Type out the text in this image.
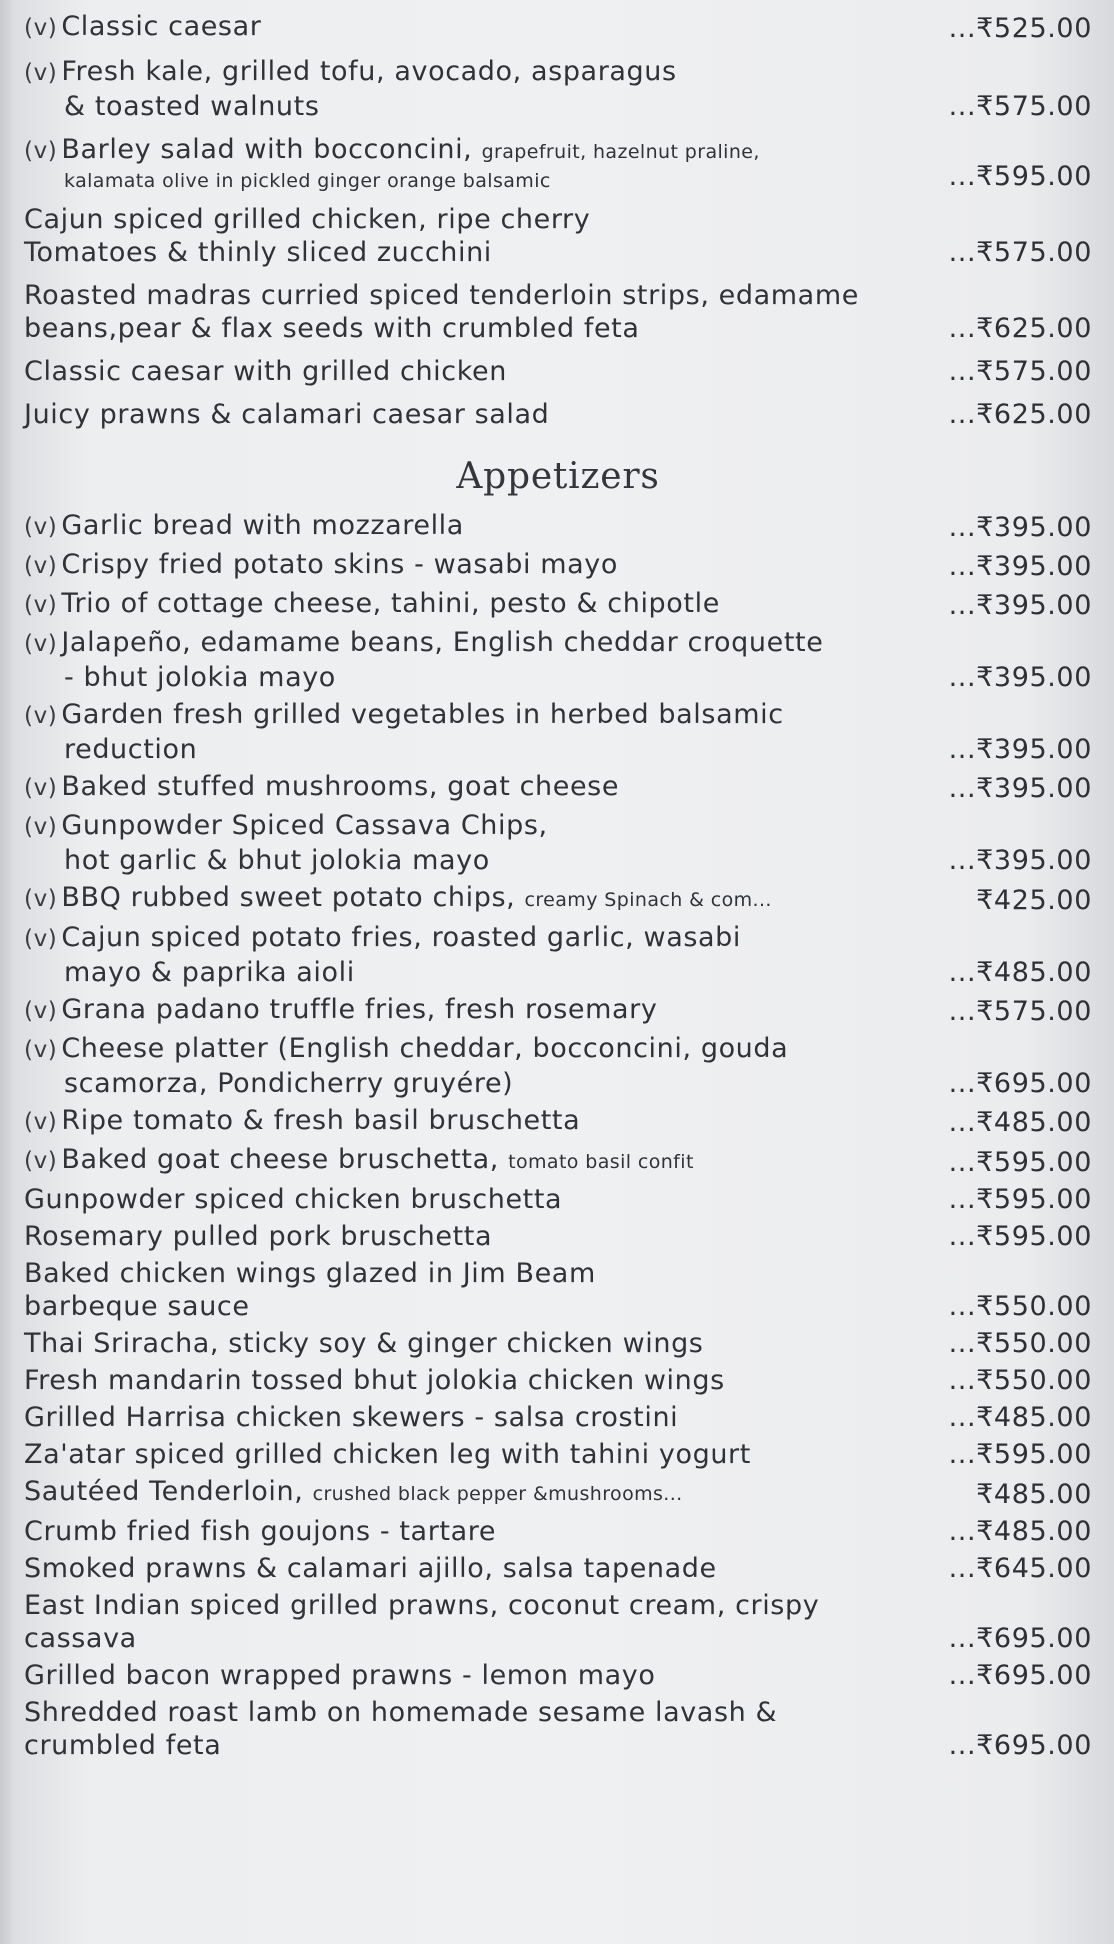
(v) Classic caesar	...₹525.00
(v) Fresh kale, grilled tofu, avocado, asparagus
& toasted walnuts	...₹575.00
(v) Barley salad with bocconcini, grapefruit, hazelnut praline,
kalamata olive in pickled ginger orange balsamic	...₹595.00
Cajun spiced grilled chicken, ripe cherry
Tomatoes & thinly sliced zucchini	...₹575.00
Roasted madras curried spiced tenderloin strips, edamame
beans,pear & flax seeds with crumbled feta	...₹625.00
Classic caesar with grilled chicken	...₹575.00
Juicy prawns & calamari caesar salad	...₹625.00
Appetizers
(v) Garlic bread with mozzarella	...₹395.00
(v) Crispy fried potato skins - wasabi mayo	...₹395.00
(v) Trio of cottage cheese, tahini, pesto & chipotle	...₹395.00
(v) Jalapeño, edamame beans, English cheddar croquette
- bhut jolokia mayo	...₹395.00
(v) Garden fresh grilled vegetables in herbed balsamic
reduction	...₹395.00
(v) Baked stuffed mushrooms, goat cheese	...₹395.00
(v) Gunpowder Spiced Cassava Chips,
hot garlic & bhut jolokia mayo	...₹395.00
(v) BBQ rubbed sweet potato chips, creamy Spinach & com...	₹425.00
(v) Cajun spiced potato fries, roasted garlic, wasabi
mayo & paprika aioli	...₹485.00
(v) Grana padano truffle fries, fresh rosemary	...₹575.00
(v) Cheese platter (English cheddar, bocconcini, gouda
scamorza, Pondicherry gruyére)	...₹695.00
(v) Ripe tomato & fresh basil bruschetta	...₹485.00
(v) Baked goat cheese bruschetta, tomato basil confit	...₹595.00
Gunpowder spiced chicken bruschetta	...₹595.00
Rosemary pulled pork bruschetta	...₹595.00
Baked chicken wings glazed in Jim Beam
barbeque sauce	...₹550.00
Thai Sriracha, sticky soy & ginger chicken wings	...₹550.00
Fresh mandarin tossed bhut jolokia chicken wings	...₹550.00
Grilled Harrisa chicken skewers - salsa crostini	...₹485.00
Za'atar spiced grilled chicken leg with tahini yogurt	...₹595.00
Sautéed Tenderloin, crushed black pepper &mushrooms...	₹485.00
Crumb fried fish goujons - tartare	...₹485.00
Smoked prawns & calamari ajillo, salsa tapenade	...₹645.00
East Indian spiced grilled prawns, coconut cream, crispy cassava	...₹695.00
Grilled bacon wrapped prawns - lemon mayo	...₹695.00
Shredded roast lamb on homemade sesame lavash &
crumbled feta	...₹695.00
